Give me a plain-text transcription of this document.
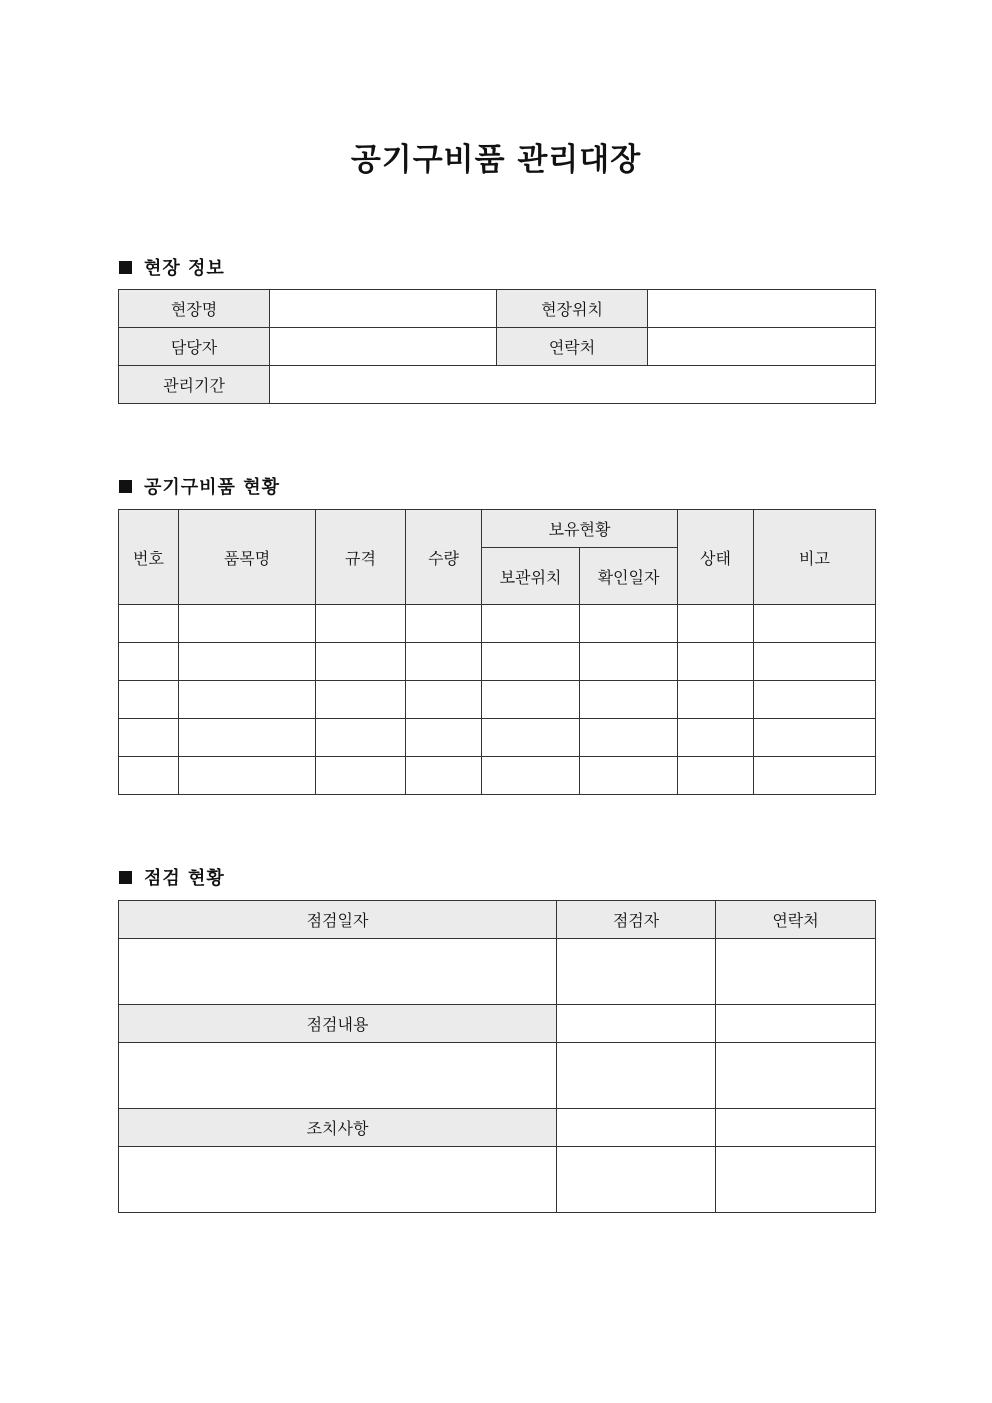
공기구비품 관리대장
현장 정보
현장명		현장위치	
담당자		연락처	
관리기간			
공기구비품 현황
번호	품목명	규격	수량	보유현황		상태	비고
				보관위치	확인일자		

점검 현황
점검일자	점검자	연락처

점검내용		

조치사항		
